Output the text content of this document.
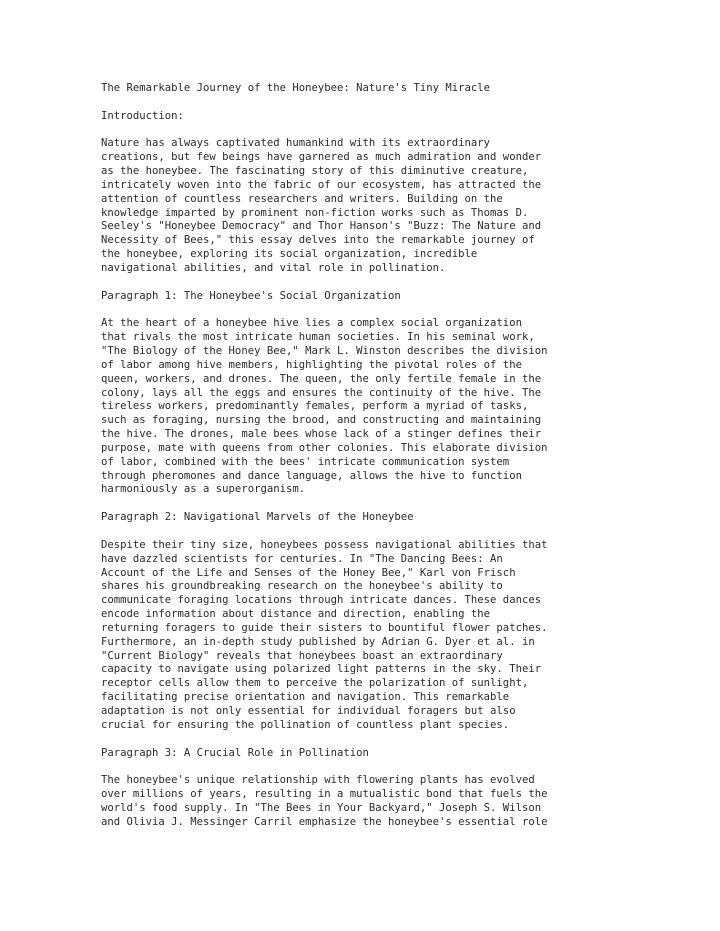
The Remarkable Journey of the Honeybee: Nature's Tiny Miracle
Introduction:
Nature has always captivated humankind with its extraordinary
creations, but few beings have garnered as much admiration and wonder
as the honeybee. The fascinating story of this diminutive creature,
intricately woven into the fabric of our ecosystem, has attracted the
attention of countless researchers and writers. Building on the
knowledge imparted by prominent non-fiction works such as Thomas D.
Seeley's "Honeybee Democracy" and Thor Hanson's "Buzz: The Nature and
Necessity of Bees," this essay delves into the remarkable journey of
the honeybee, exploring its social organization, incredible
navigational abilities, and vital role in pollination.
Paragraph 1: The Honeybee's Social Organization
At the heart of a honeybee hive lies a complex social organization
that rivals the most intricate human societies. In his seminal work,
"The Biology of the Honey Bee," Mark L. Winston describes the division
of labor among hive members, highlighting the pivotal roles of the
queen, workers, and drones. The queen, the only fertile female in the
colony, lays all the eggs and ensures the continuity of the hive. The
tireless workers, predominantly females, perform a myriad of tasks,
such as foraging, nursing the brood, and constructing and maintaining
the hive. The drones, male bees whose lack of a stinger defines their
purpose, mate with queens from other colonies. This elaborate division
of labor, combined with the bees' intricate communication system
through pheromones and dance language, allows the hive to function
harmoniously as a superorganism.
Paragraph 2: Navigational Marvels of the Honeybee
Despite their tiny size, honeybees possess navigational abilities that
have dazzled scientists for centuries. In "The Dancing Bees: An
Account of the Life and Senses of the Honey Bee," Karl von Frisch
shares his groundbreaking research on the honeybee's ability to
communicate foraging locations through intricate dances. These dances
encode information about distance and direction, enabling the
returning foragers to guide their sisters to bountiful flower patches.
Furthermore, an in-depth study published by Adrian G. Dyer et al. in
"Current Biology" reveals that honeybees boast an extraordinary
capacity to navigate using polarized light patterns in the sky. Their
receptor cells allow them to perceive the polarization of sunlight,
facilitating precise orientation and navigation. This remarkable
adaptation is not only essential for individual foragers but also
crucial for ensuring the pollination of countless plant species.
Paragraph 3: A Crucial Role in Pollination
The honeybee's unique relationship with flowering plants has evolved
over millions of years, resulting in a mutualistic bond that fuels the
world's food supply. In "The Bees in Your Backyard," Joseph S. Wilson
and Olivia J. Messinger Carril emphasize the honeybee's essential role
